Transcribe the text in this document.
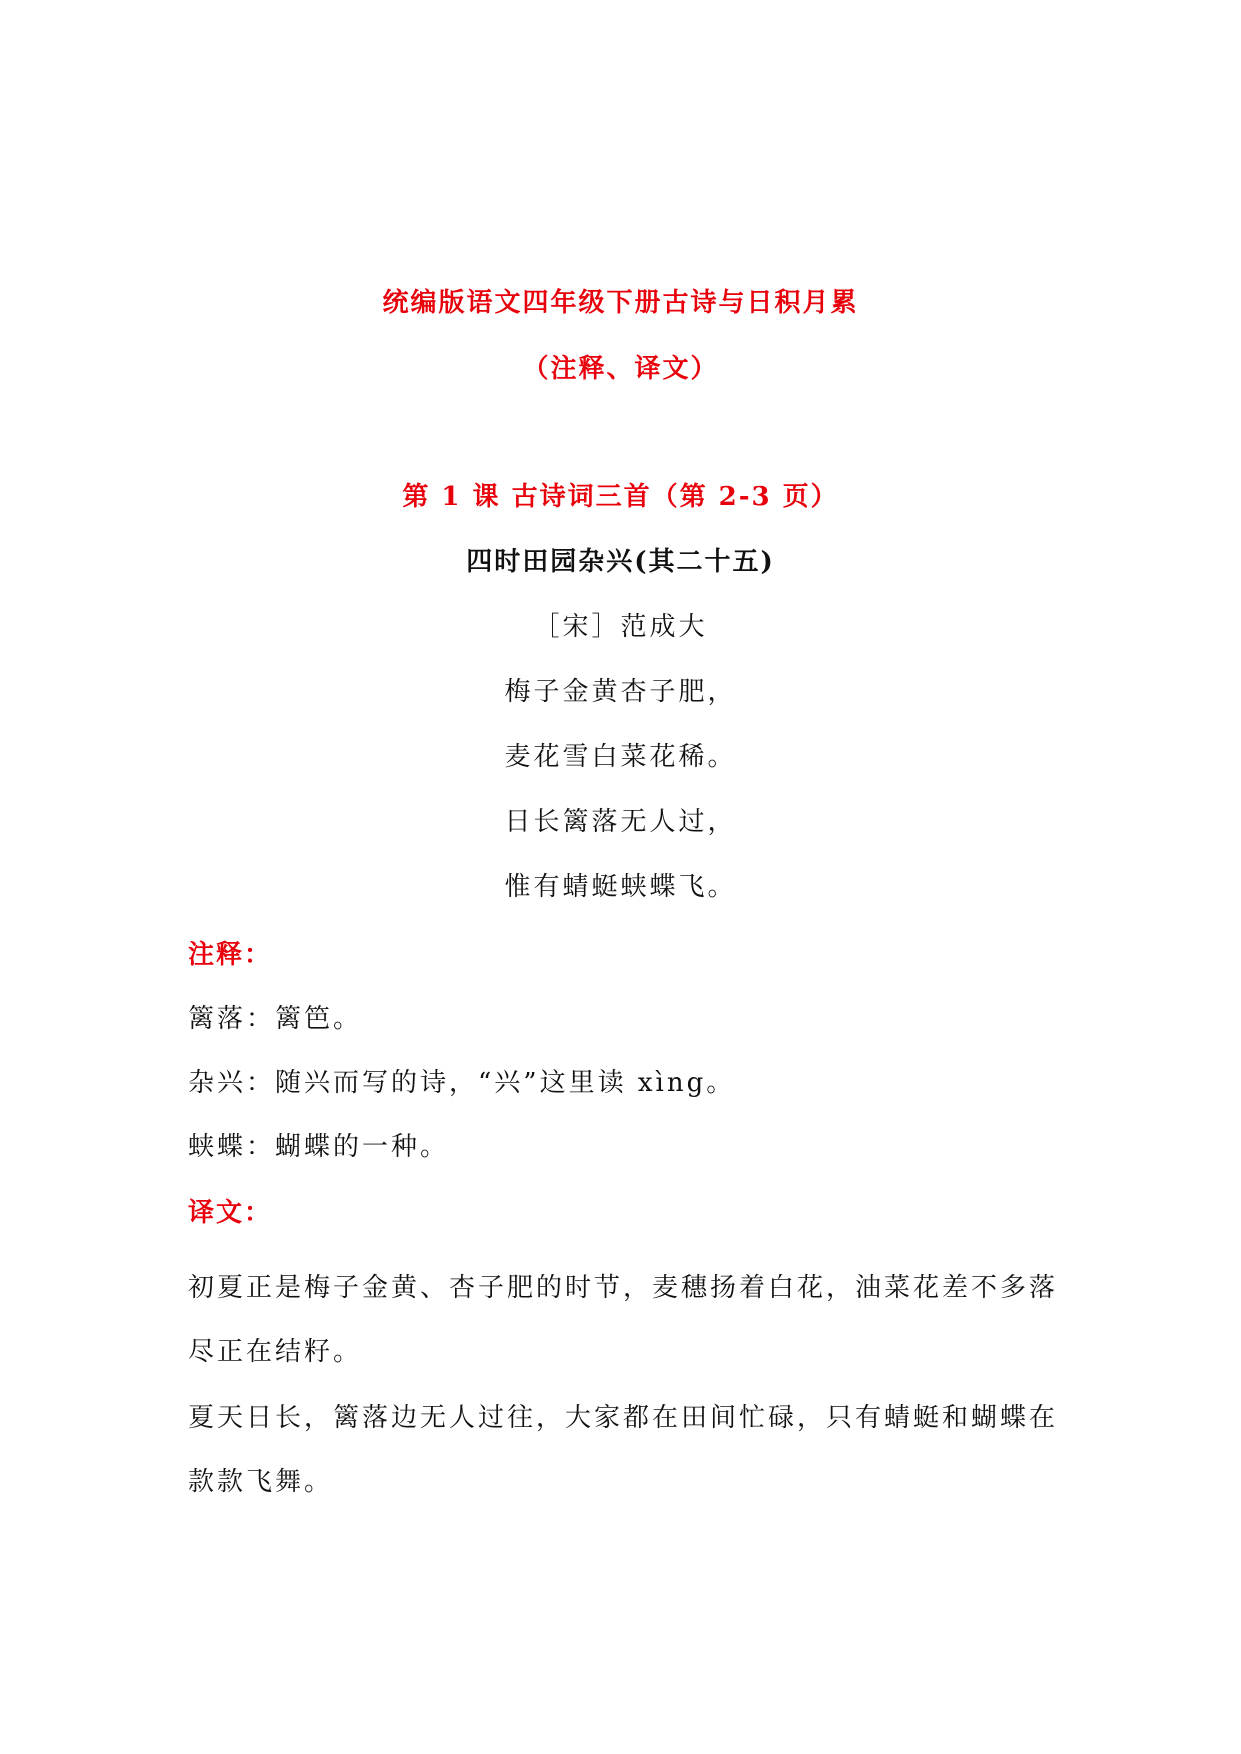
统编版语文四年级下册古诗与日积月累
（注释、译文）
第 1 课 古诗词三首（第 2-3 页）
四时田园杂兴(其二十五)
［宋］范成大
梅子金黄杏子肥，
麦花雪白菜花稀。
日长篱落无人过，
惟有蜻蜓蛱蝶飞。
注释：
篱落：篱笆。
杂兴：随兴而写的诗，“兴”这里读 xìng。
蛱蝶：蝴蝶的一种。
译文：
初夏正是梅子金黄、杏子肥的时节，麦穗扬着白花，油菜花差不多落尽正在结籽。
夏天日长，篱落边无人过往，大家都在田间忙碌，只有蜻蜓和蝴蝶在款款飞舞。
